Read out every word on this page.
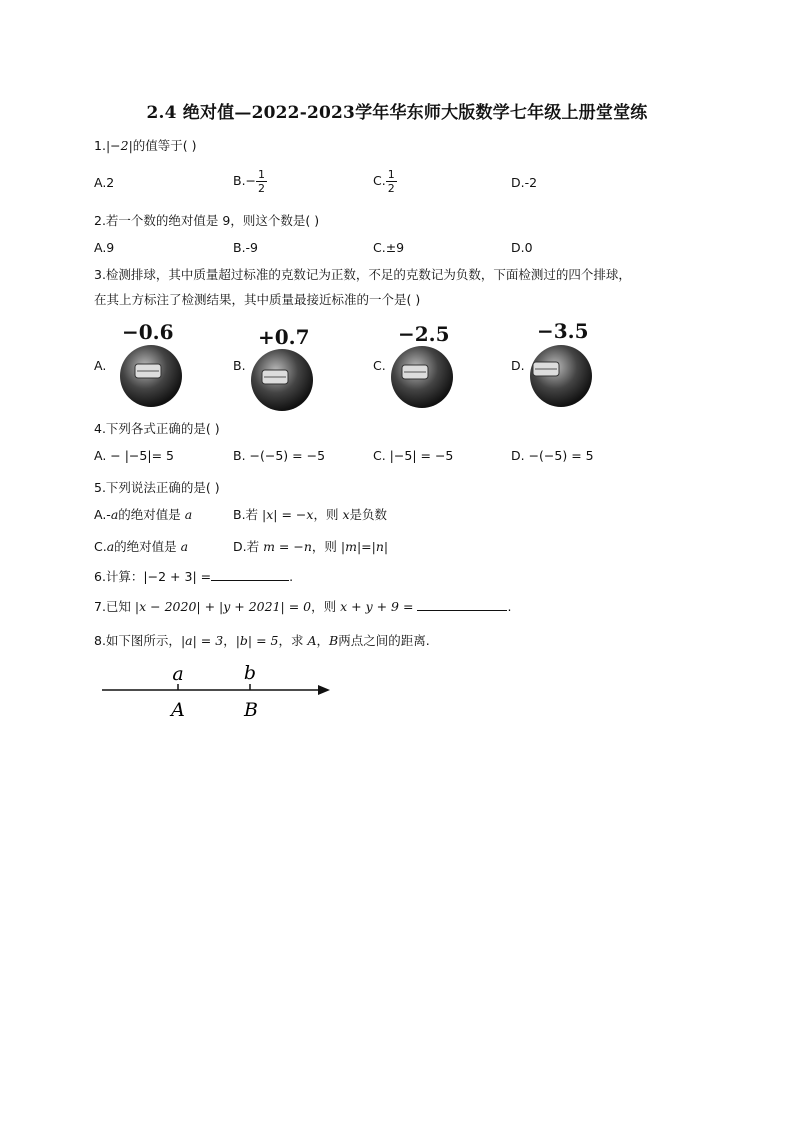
2.4 绝对值—2022-2023学年华东师大版数学七年级上册堂堂练
1.|−2|的值等于( )
A.2	$B.- \frac{1}{2}$	C. $\frac{1}{2}$	D.-2
2.若一个数的绝对值是 9，则这个数是( )
A.9	B.-9	C.±9	D.0
3.检测排球，其中质量超过标准的克数记为正数，不足的克数记为负数，下面检测过的四个排球，
在其上方标注了检测结果，其中质量最接近标准的一个是( )
A.
−0.6
B.
+0.7
C.
−2.5
D.
−3.5
4.下列各式正确的是( )
A. − |−5|= 5	B. −(−5) = −5	C. |−5| = −5	D. −(−5) = 5
5.下列说法正确的是( )
A.-a的绝对值是 a	B.若 |x| = −x，则 x是负数
C.a的绝对值是 a	D.若 m = −n，则 |m|=|n|
6.计算：|−2 + 3| =	.
7.已知 |x − 2020| + |y + 2021| = 0，则 x + y + 9 =	.
8.如下图所示，|a| = 3，|b| = 5，求 A，B两点之间的距离.
a	b
A	B
